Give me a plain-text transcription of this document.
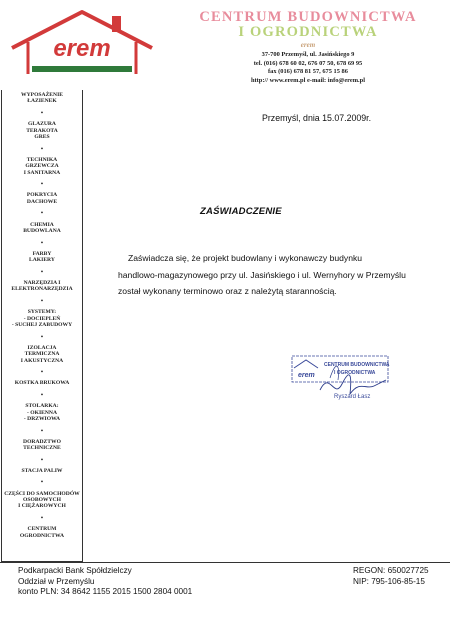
erem
CENTRUM BUDOWNICTWA
I OGRODNICTWA
erem
37-700 Przemyśl, ul. Jasińskiego 9
tel. (016) 678 60 02, 676 07 50, 678 69 95
fax (016) 678 81 57, 675 15 86
http:// www.erem.pl e-mail: info@erem.pl
WYPOSAŻENIE
ŁAZIENEK
•
GLAZURA
TERAKOTA
GRES
•
TECHNIKA
GRZEWCZA
I SANITARNA
•
POKRYCIA
DACHOWE
•
CHEMIA
BUDOWLANA
•
FARBY
LAKIERY
•
NARZĘDZIA I
ELEKTRONARZĘDZIA
•
SYSTEMY:
- DOCIEPLEŃ
- SUCHEJ ZABUDOWY
•
IZOLACJA
TERMICZNA
I AKUSTYCZNA
•
KOSTKA BRUKOWA
•
STOLARKA:
- OKIENNA
- DRZWIOWA
•
DORADZTWO
TECHNICZNE
•
STACJA PALIW
•
CZĘŚCI DO SAMOCHODÓW
OSOBOWYCH
I CIĘŻAROWYCH
•
CENTRUM
OGRODNICTWA
Przemyśl, dnia 15.07.2009r.
ZAŚWIADCZENIE
Zaświadcza się, że projekt budowlany i wykonawczy budynku
handlowo-magazynowego przy ul. Jasińskiego i ul. Wernyhory w Przemyślu
został wykonany terminowo oraz z należytą starannością.
erem
CENTRUM BUDOWNICTWA
I OGRODNICTWA
Ryszard Łasz
Podkarpacki Bank Spółdzielczy
Oddział w Przemyślu
konto PLN: 34 8642 1155 2015 1500 2804 0001
REGON: 650027725
NIP: 795-106-85-15
